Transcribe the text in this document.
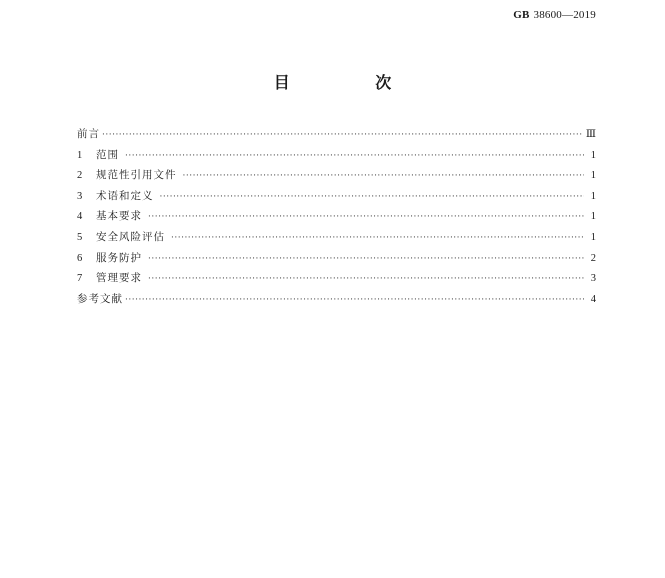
GB 38600—2019
目 次
前言 ·····	Ⅲ
1	范围 ·····	1
2	规范性引用文件 ·····	1
3	术语和定义 ·····	1
4	基本要求 ·····	1
5	安全风险评估 ·····	1
6	服务防护 ·····	2
7	管理要求 ·····	3
参考文献 ·····	4
